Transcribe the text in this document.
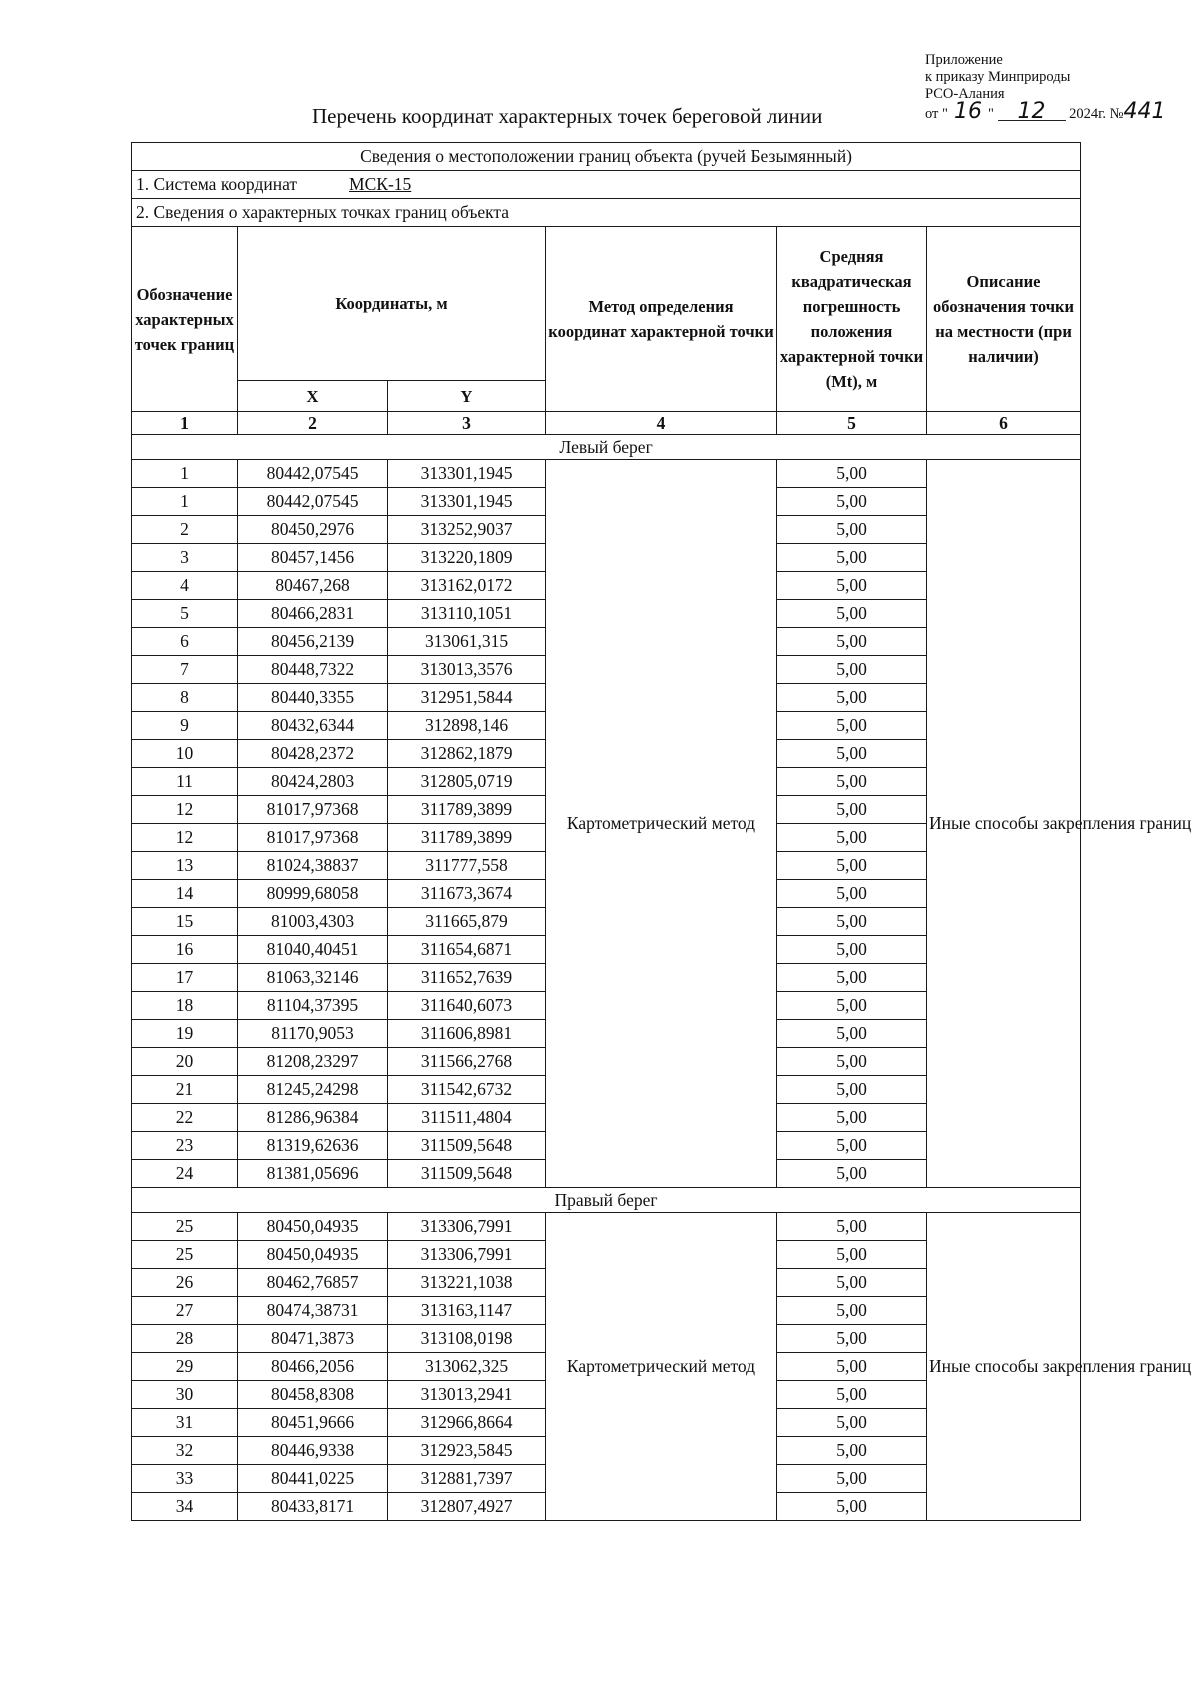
Приложение
к приказу Минприроды
РСО-Алания
от " 16 " 12 2024г. №441
Перечень координат характерных точек береговой линии
Сведения о местоположении границ объекта (ручей Безымянный)					
1. Система координат МСК-15					
2. Сведения о характерных точках границ объекта					
Обозначение характерных точек границ	Координаты, м		Метод определения координат характерной точки	Средняя квадратическая погрешность положения характерной точки (Mt), м	Описание обозначения точки на местности (при наличии)
	X	Y			
1	2	3	4	5	6
Левый берег					
1	80442,07545	313301,1945	Картометрический метод	5,00	Иные способы закрепления границ
1	80442,07545	313301,1945		5,00	
2	80450,2976	313252,9037		5,00	
3	80457,1456	313220,1809		5,00	
4	80467,268	313162,0172		5,00	
5	80466,2831	313110,1051		5,00	
6	80456,2139	313061,315		5,00	
7	80448,7322	313013,3576		5,00	
8	80440,3355	312951,5844		5,00	
9	80432,6344	312898,146		5,00	
10	80428,2372	312862,1879		5,00	
11	80424,2803	312805,0719		5,00	
12	81017,97368	311789,3899		5,00	
12	81017,97368	311789,3899		5,00	
13	81024,38837	311777,558		5,00	
14	80999,68058	311673,3674		5,00	
15	81003,4303	311665,879		5,00	
16	81040,40451	311654,6871		5,00	
17	81063,32146	311652,7639		5,00	
18	81104,37395	311640,6073		5,00	
19	81170,9053	311606,8981		5,00	
20	81208,23297	311566,2768		5,00	
21	81245,24298	311542,6732		5,00	
22	81286,96384	311511,4804		5,00	
23	81319,62636	311509,5648		5,00	
24	81381,05696	311509,5648		5,00	
Правый берег					
25	80450,04935	313306,7991	Картометрический метод	5,00	Иные способы закрепления границ
25	80450,04935	313306,7991		5,00	
26	80462,76857	313221,1038		5,00	
27	80474,38731	313163,1147		5,00	
28	80471,3873	313108,0198		5,00	
29	80466,2056	313062,325		5,00	
30	80458,8308	313013,2941		5,00	
31	80451,9666	312966,8664		5,00	
32	80446,9338	312923,5845		5,00	
33	80441,0225	312881,7397		5,00	
34	80433,8171	312807,4927		5,00	
